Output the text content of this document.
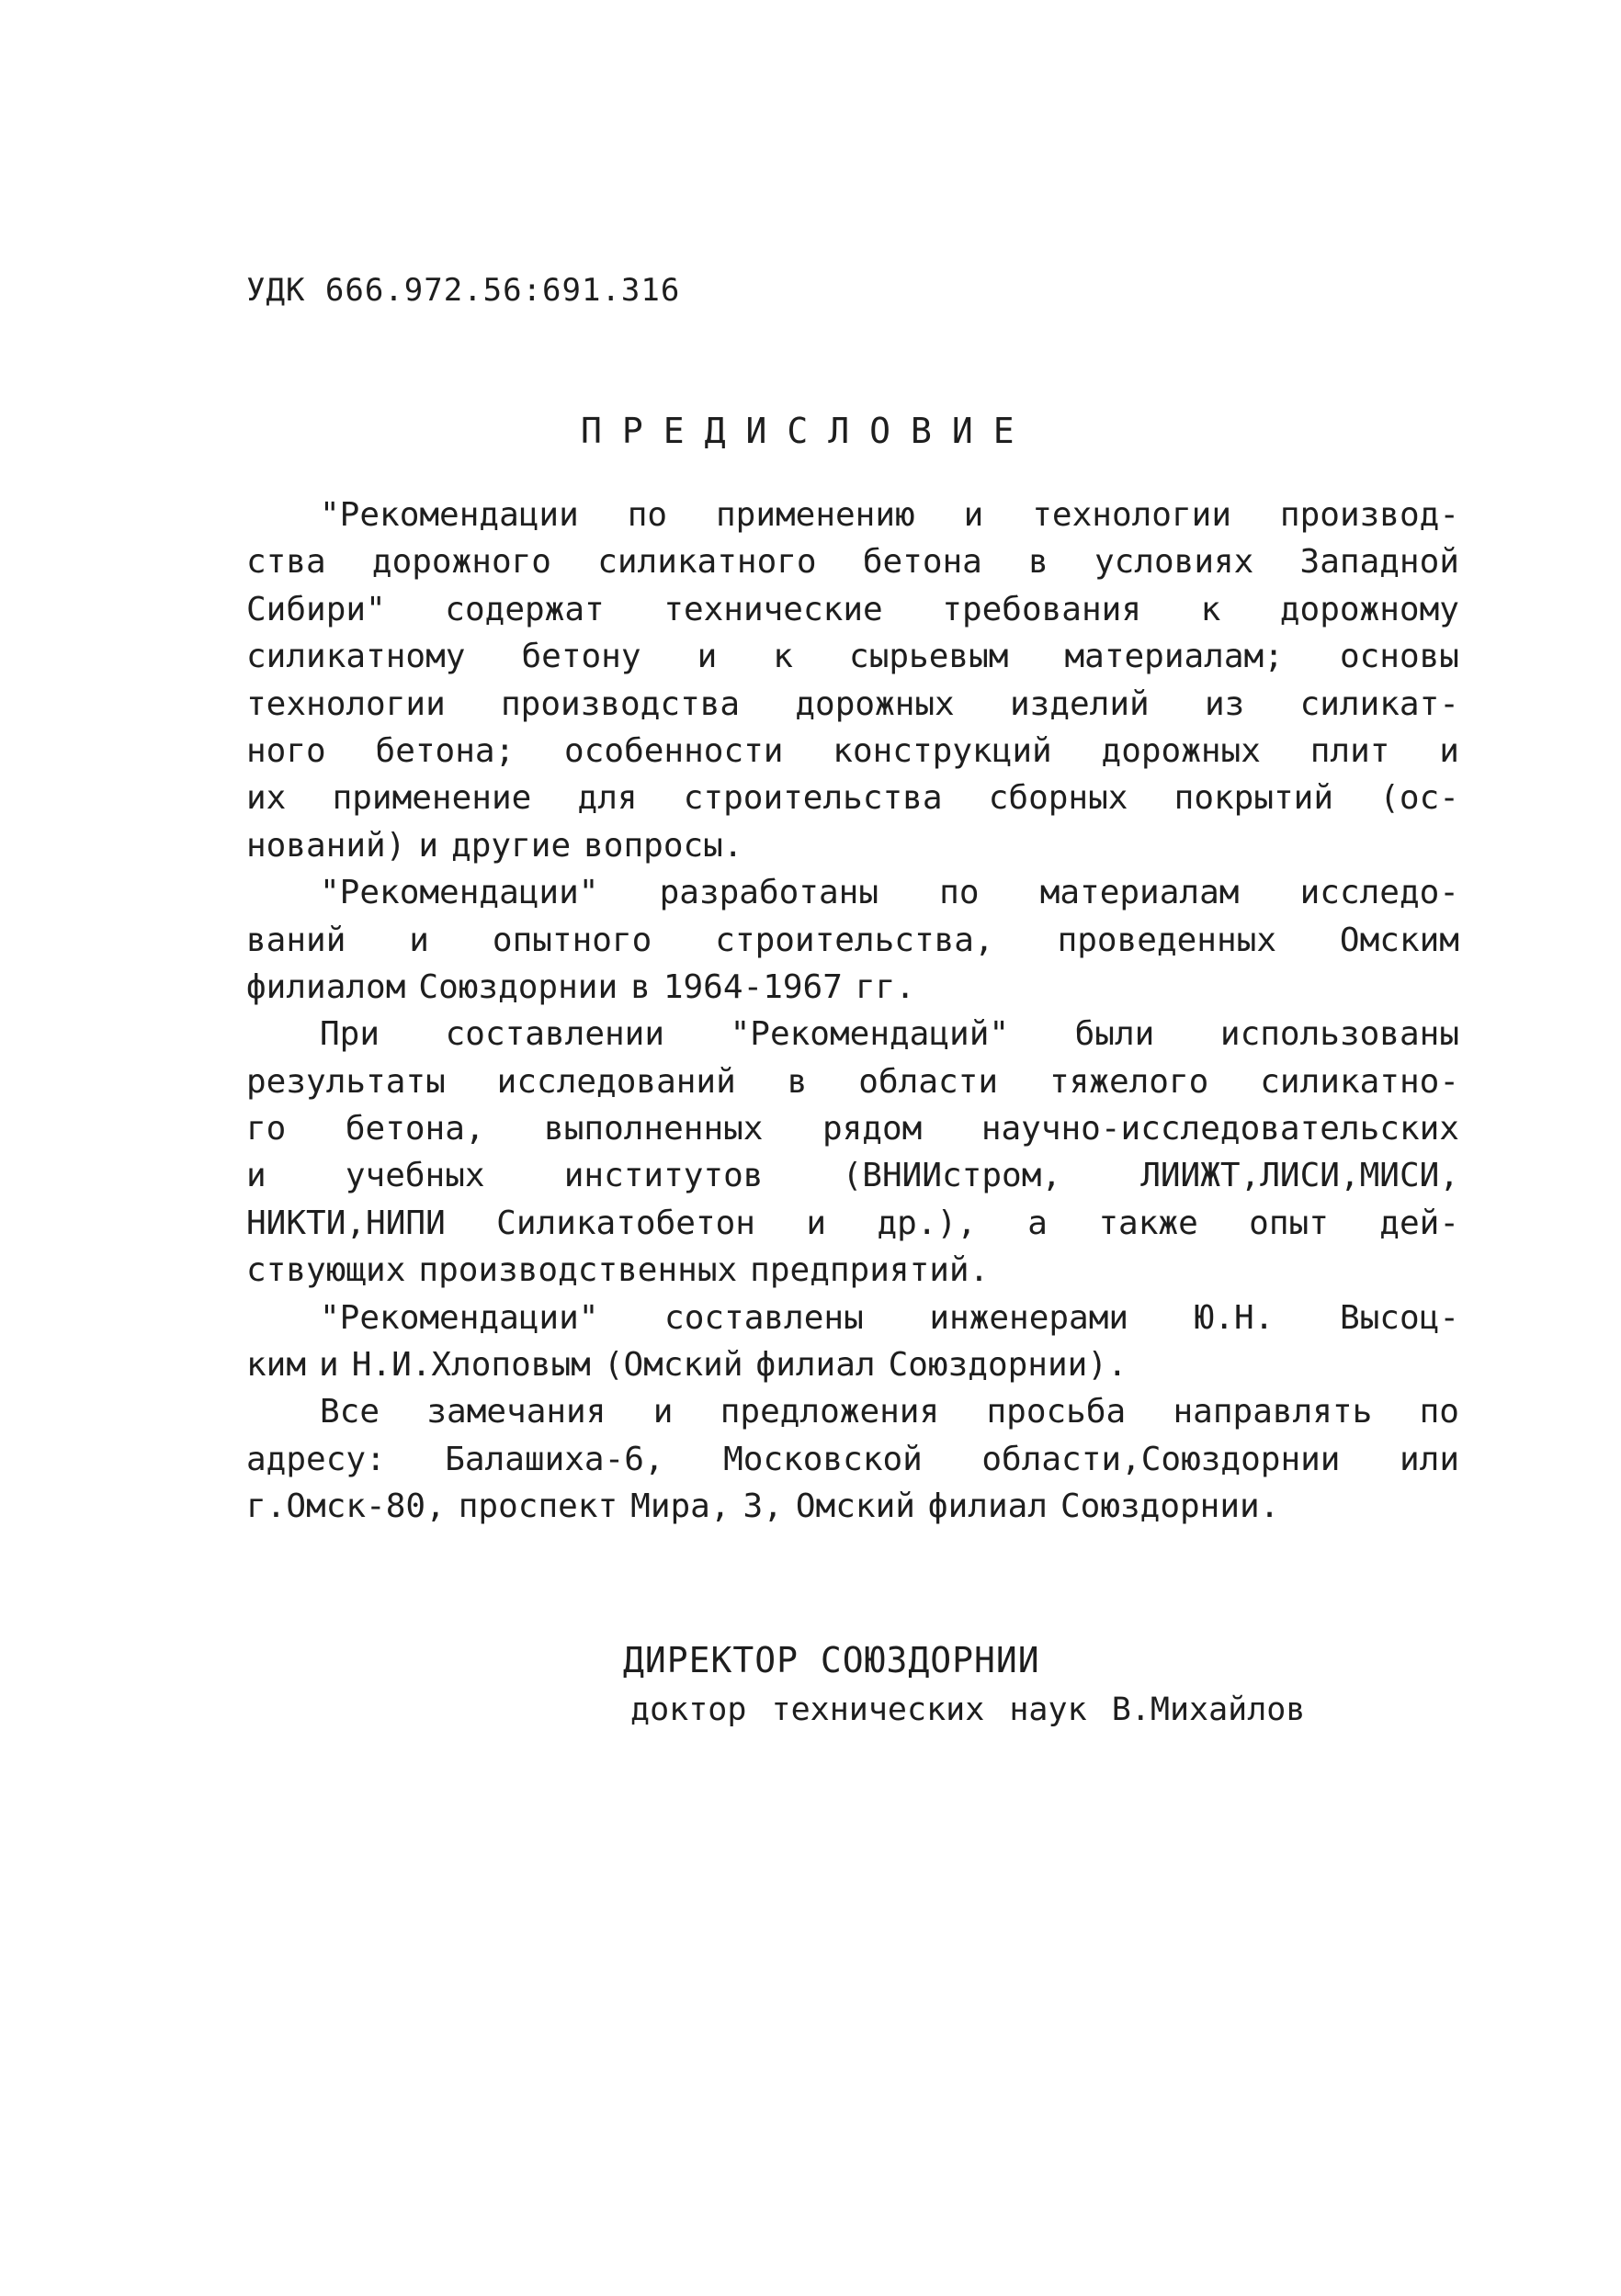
УДК 666.972.56:691.316
ПРЕДИСЛОВИЕ
"Рекомендации по применению и технологии производ-
ства дорожного силикатного бетона в условиях Западной
Сибири" содержат технические требования к дорожному
силикатному бетону и к сырьевым материалам; основы
технологии производства дорожных изделий из силикат-
ного бетона; особенности конструкций дорожных плит и
их применение для строительства сборных покрытий (ос-
нований) и другие вопросы.
"Рекомендации" разработаны по материалам исследо-
ваний и опытного строительства, проведенных Омским
филиалом Союздорнии в 1964-1967 гг.
При составлении "Рекомендаций" были использованы
результаты исследований в области тяжелого силикатно-
го бетона, выполненных рядом научно-исследовательских
и учебных институтов (ВНИИстром, ЛИИЖТ,ЛИСИ,МИСИ,
НИКТИ,НИПИ Силикатобетон и др.), а также опыт дей-
ствующих производственных предприятий.
"Рекомендации" составлены инженерами Ю.Н. Высоц-
ким и Н.И.Хлоповым (Омский филиал Союздорнии).
Все замечания и предложения просьба направлять по
адресу: Балашиха-6, Московской области,Союздорнии или
г.Омск-80, проспект Мира, 3, Омский филиал Союздорнии.
ДИРЕКТОР СОЮЗДОРНИИ
доктор технических наук В.Михайлов
